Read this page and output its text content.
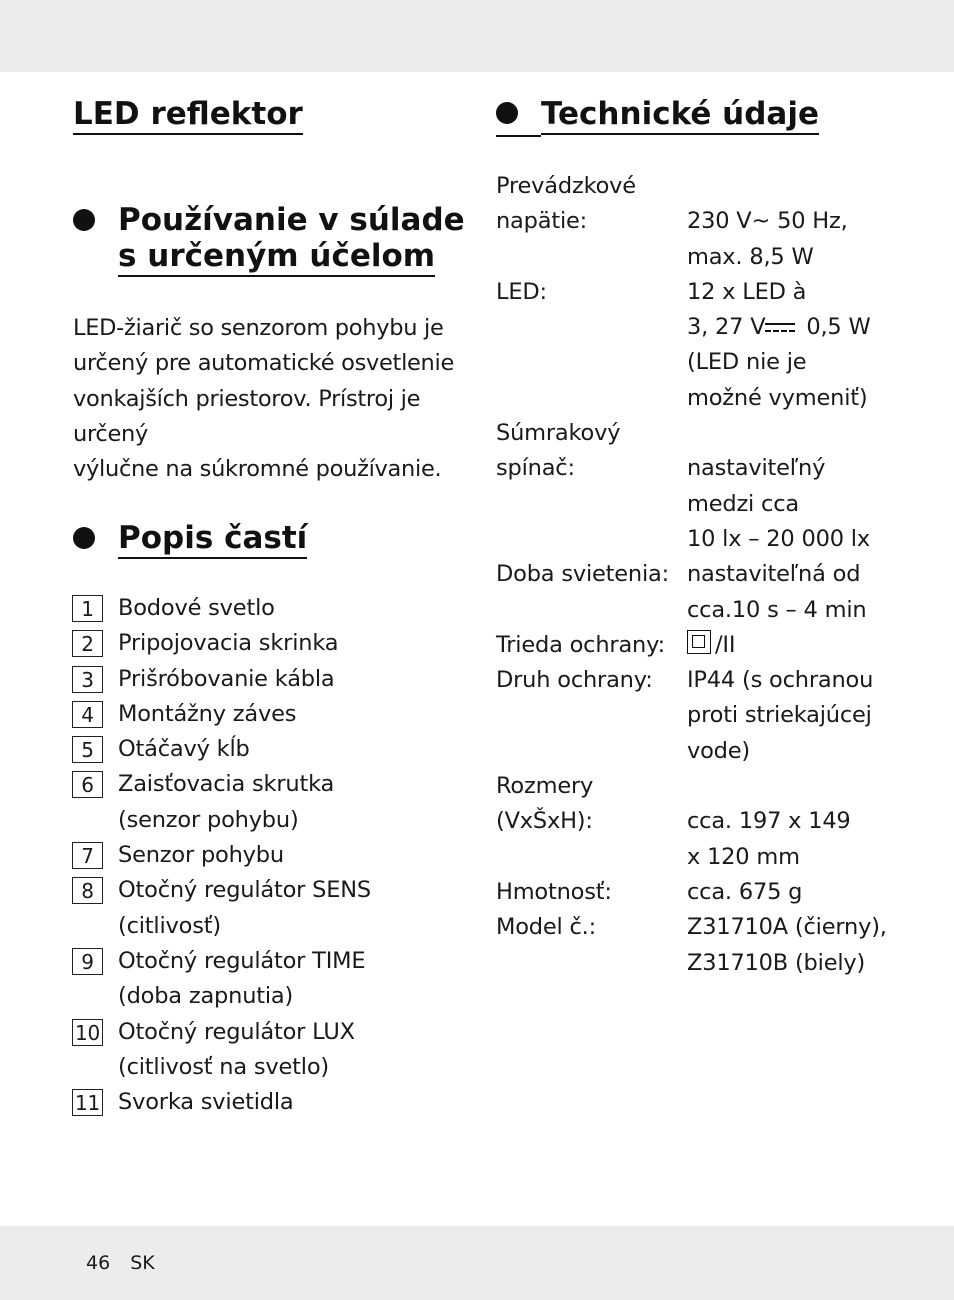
LED reflektor
Používanie v súlade
s určeným účelom
LED-žiarič so senzorom pohybu je
určený pre automatické osvetlenie
vonkajších priestorov. Prístroj je určený
výlučne na súkromné používanie.
Popis častí
1	Bodové svetlo
2	Pripojovacia skrinka
3	Prišróbovanie kábla
4	Montážny záves
5	Otáčavý kĺb
6	Zaisťovacia skrutka
(senzor pohybu)
7	Senzor pohybu
8	Otočný regulátor SENS
(citlivosť)
9	Otočný regulátor TIME
(doba zapnutia)
10 Otočný regulátor LUX
(citlivosť na svetlo)
11 Svorka svietidla
Technické údaje
Prevádzkové
napätie:	230 V~ 50 Hz,
max. 8,5 W
LED:	12 x LED à
3, 27 V 0,5 W
(LED nie je
možné vymeniť)
Súmrakový
spínač:	nastaviteľný
medzi cca
10 lx – 20 000 lx
Doba svietenia: nastaviteľná od
cca.10 s – 4 min
Trieda ochrany:	/II
Druh ochrany:	IP44 (s ochranou
proti striekajúcej
vode)
Rozmery
(VxŠxH):	cca. 197 x 149
x 120 mm
Hmotnosť:	cca. 675 g
Model č.:	Z31710A (čierny),
Z31710B (biely)
46 SK
